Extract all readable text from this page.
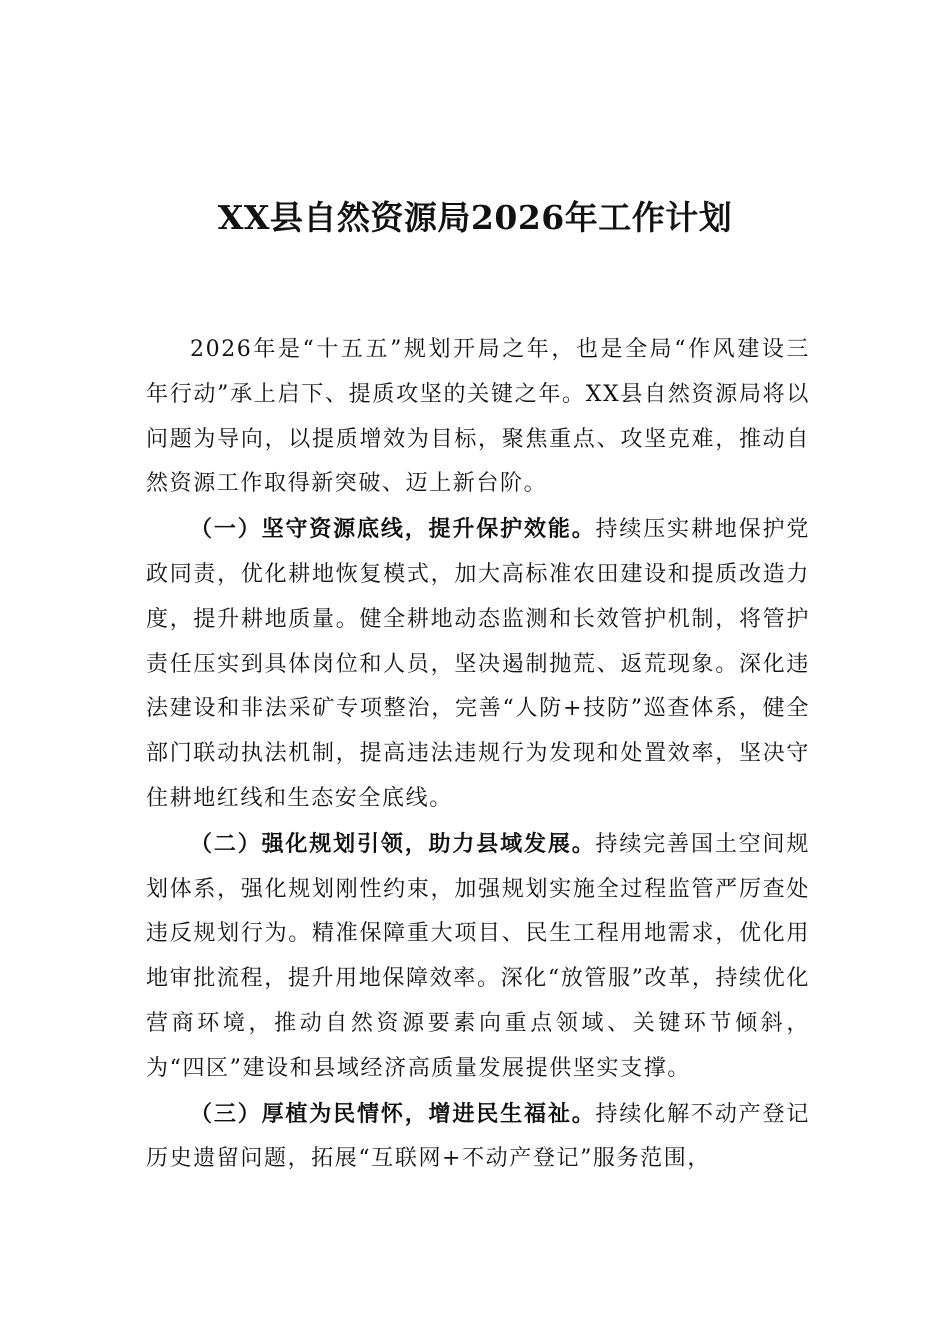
XX县自然资源局2026年工作计划

2026年是“十五五”规划开局之年，也是全局“作风建设三年行动”承上启下、提质攻坚的关键之年。XX县自然资源局将以问题为导向，以提质增效为目标，聚焦重点、攻坚克难，推动自然资源工作取得新突破、迈上新台阶。

（一）坚守资源底线，提升保护效能。持续压实耕地保护党政同责，优化耕地恢复模式，加大高标准农田建设和提质改造力度，提升耕地质量。健全耕地动态监测和长效管护机制，将管护责任压实到具体岗位和人员，坚决遏制抛荒、返荒现象。深化违法建设和非法采矿专项整治，完善“人防+技防”巡查体系，健全部门联动执法机制，提高违法违规行为发现和处置效率，坚决守住耕地红线和生态安全底线。

（二）强化规划引领，助力县域发展。持续完善国土空间规划体系，强化规划刚性约束，加强规划实施全过程监管严厉查处违反规划行为。精准保障重大项目、民生工程用地需求，优化用地审批流程，提升用地保障效率。深化“放管服”改革，持续优化营商环境，推动自然资源要素向重点领域、关键环节倾斜，为“四区”建设和县域经济高质量发展提供坚实支撑。

（三）厚植为民情怀，增进民生福祉。持续化解不动产登记历史遗留问题，拓展“互联网+不动产登记”服务范围，
